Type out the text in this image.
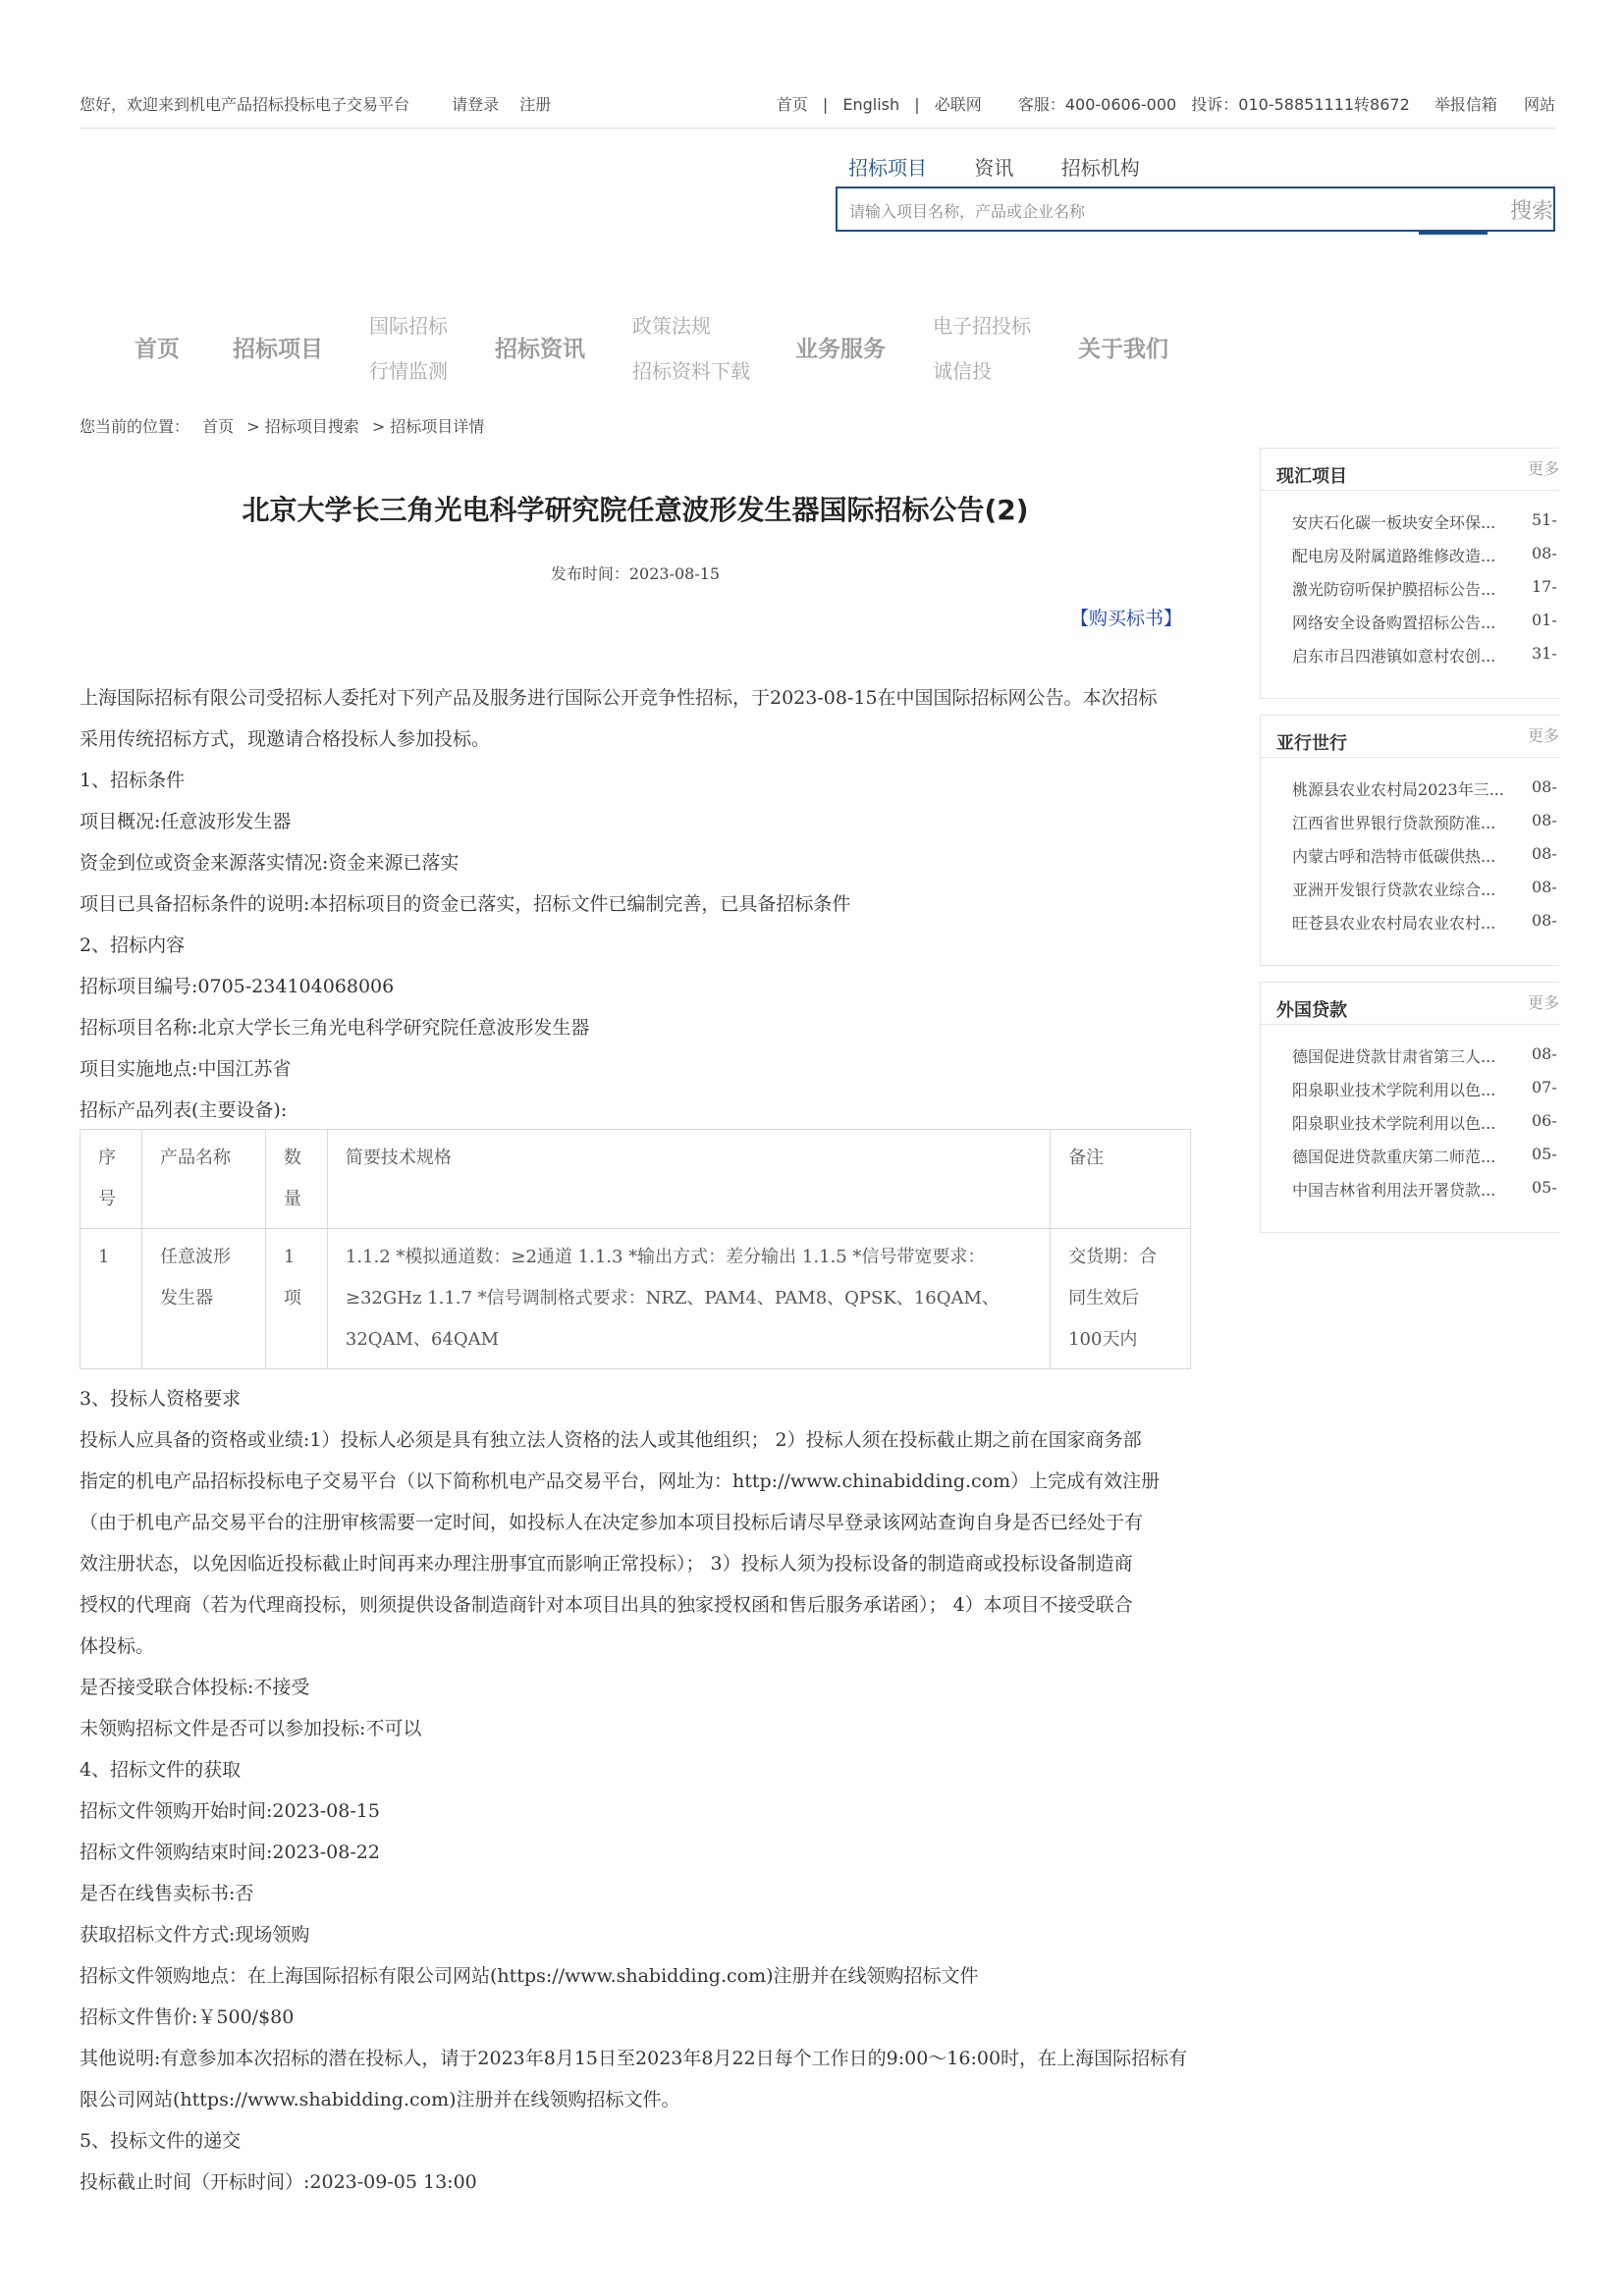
您好，欢迎来到机电产品招标投标电子交易平台	请登录 注册	首页 | English | 必联网 客服：400-0606-000 投诉：010-58851111转8672 举报信箱 网站
招标项目 资讯 招标机构
请输入项目名称，产品或企业名称
搜索
首页 招标项目
国际招标
行情监测
招标资讯
政策法规
招标资料下载
业务服务
电子招投标
诚信投
关于我们
您当前的位置： 首页 > 招标项目搜索 > 招标项目详情
北京大学长三角光电科学研究院任意波形发生器国际招标公告(2)
发布时间：2023-08-15
【购买标书】
上海国际招标有限公司受招标人委托对下列产品及服务进行国际公开竞争性招标，于2023-08-15在中国国际招标网公告。本次招标
采用传统招标方式，现邀请合格投标人参加投标。
1、招标条件
项目概况:任意波形发生器
资金到位或资金来源落实情况:资金来源已落实
项目已具备招标条件的说明:本招标项目的资金已落实，招标文件已编制完善，已具备招标条件
2、招标内容
招标项目编号:0705-234104068006
招标项目名称:北京大学长三角光电科学研究院任意波形发生器
项目实施地点:中国江苏省
招标产品列表(主要设备):
序号	产品名称	数量	简要技术规格	备注
1	任意波形发生器	1项	1.1.2 *模拟通道数：≥2通道 1.1.3 *输出方式：差分输出 1.1.5 *信号带宽要求：≥32GHz 1.1.7 *信号调制格式要求：NRZ、PAM4、PAM8、QPSK、16QAM、32QAM、64QAM	交货期：合同生效后100天内
3、投标人资格要求
投标人应具备的资格或业绩:1）投标人必须是具有独立法人资格的法人或其他组织； 2）投标人须在投标截止期之前在国家商务部
指定的机电产品招标投标电子交易平台（以下简称机电产品交易平台，网址为：http://www.chinabidding.com）上完成有效注册
（由于机电产品交易平台的注册审核需要一定时间，如投标人在决定参加本项目投标后请尽早登录该网站查询自身是否已经处于有
效注册状态，以免因临近投标截止时间再来办理注册事宜而影响正常投标）； 3）投标人须为投标设备的制造商或投标设备制造商
授权的代理商（若为代理商投标，则须提供设备制造商针对本项目出具的独家授权函和售后服务承诺函）； 4）本项目不接受联合
体投标。
是否接受联合体投标:不接受
未领购招标文件是否可以参加投标:不可以
4、招标文件的获取
招标文件领购开始时间:2023-08-15
招标文件领购结束时间:2023-08-22
是否在线售卖标书:否
获取招标文件方式:现场领购
招标文件领购地点：在上海国际招标有限公司网站(https://www.shabidding.com)注册并在线领购招标文件
招标文件售价:￥500/$80
其他说明:有意参加本次招标的潜在投标人，请于2023年8月15日至2023年8月22日每个工作日的9:00～16:00时，在上海国际招标有
限公司网站(https://www.shabidding.com)注册并在线领购招标文件。
5、投标文件的递交
投标截止时间（开标时间）:2023-09-05 13:00
现汇项目	更多
安庆石化碳一板块安全环保...	51-
配电房及附属道路维修改造...	08-
激光防窃听保护膜招标公告...	17-
网络安全设备购置招标公告...	01-
启东市吕四港镇如意村农创...	31-
亚行世行	更多
桃源县农业农村局2023年三...	08-
江西省世界银行贷款预防准...	08-
内蒙古呼和浩特市低碳供热...	08-
亚洲开发银行贷款农业综合...	08-
旺苍县农业农村局农业农村...	08-
外国贷款	更多
德国促进贷款甘肃省第三人...	08-
阳泉职业技术学院利用以色...	07-
阳泉职业技术学院利用以色...	06-
德国促进贷款重庆第二师范...	05-
中国吉林省利用法开署贷款...	05-
